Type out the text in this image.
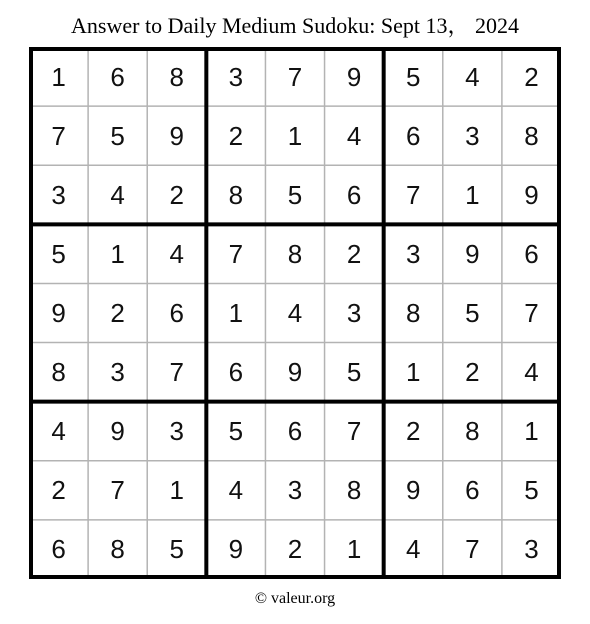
Answer to Daily Medium Sudoku: Sept 13， 2024
1	6	8	3	7	9	5	4	2
7	5	9	2	1	4	6	3	8
3	4	2	8	5	6	7	1	9
5	1	4	7	8	2	3	9	6
9	2	6	1	4	3	8	5	7
8	3	7	6	9	5	1	2	4
4	9	3	5	6	7	2	8	1
2	7	1	4	3	8	9	6	5
6	8	5	9	2	1	4	7	3
© valeur.org
